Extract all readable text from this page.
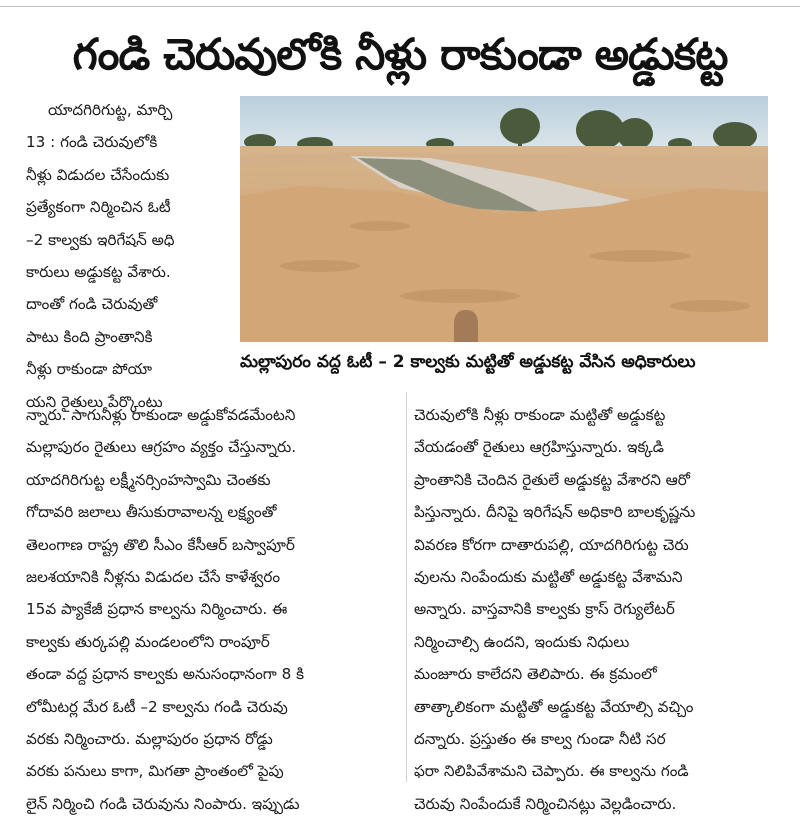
గండి చెరువులోకి నీళ్లు రాకుండా అడ్డుకట్ట
మల్లాపురం వద్ద ఓటీ – 2 కాల్వకు మట్టితో అడ్డుకట్ట వేసిన అధికారులు

యాదగిరిగుట్ట, మార్చి

13 : గండి చెరువులోకి

నీళ్లు విడుదల చేసేందుకు

ప్రత్యేకంగా నిర్మించిన ఓటీ

–2 కాల్వకు ఇరిగేషన్ అధి

కారులు అడ్డుకట్ట వేశారు.

దాంతో గండి చెరువుతో

పాటు కింది ప్రాంతానికి

నీళ్లు రాకుండా పోయా

యని రైతులు పేర్కొంటు

న్నారు. సాగునీళ్లు రాకుండా అడ్డుకోవడమేంటని

మల్లాపురం రైతులు ఆగ్రహం వ్యక్తం చేస్తున్నారు.

యాదగిరిగుట్ట లక్ష్మీనర్సింహస్వామి చెంతకు

గోదావరి జలాలు తీసుకురావాలన్న లక్ష్యంతో

తెలంగాణ రాష్ట్ర తొలి సీఎం కేసీఆర్ బస్వాపూర్

జలశయానికి నీళ్లను విడుదల చేసే కాళేశ్వరం

15వ ప్యాకేజీ ప్రధాన కాల్వను నిర్మించారు. ఈ

కాల్వకు తుర్కపల్లి మండలంలోని రాంపూర్

తండా వద్ద ప్రధాన కాల్వకు అనుసంధానంగా 8 కి

లోమీటర్ల మేర ఓటీ –2 కాల్వను గండి చెరువు

వరకు నిర్మించారు. మల్లాపురం ప్రధాన రోడ్డు

వరకు పనులు కాగా, మిగతా ప్రాంతంలో పైపు

లైన్ నిర్మించి గండి చెరువును నింపారు. ఇప్పుడు

చెరువులోకి నీళ్లు రాకుండా మట్టితో అడ్డుకట్ట

వేయడంతో రైతులు ఆగ్రహిస్తున్నారు. ఇక్కడి

ప్రాంతానికి చెందిన రైతులే అడ్డుకట్ట వేశారని ఆరో

పిస్తున్నారు. దీనిపై ఇరిగేషన్ అధికారి బాలకృష్ణను

వివరణ కోరగా దాతారుపల్లి, యాదగిరిగుట్ట చెరు

వులను నింపేందుకు మట్టితో అడ్డుకట్ట వేశామని

అన్నారు. వాస్తవానికి కాల్వకు క్రాస్ రెగ్యులేటర్

నిర్మించాల్సి ఉందని, ఇందుకు నిధులు

మంజూరు కాలేదని తెలిపారు. ఈ క్రమంలో

తాత్కాలికంగా మట్టితో అడ్డుకట్ట వేయాల్సి వచ్చిం

దన్నారు. ప్రస్తుతం ఈ కాల్వ గుండా నీటి సర

ఫరా నిలిపివేశామని చెప్పారు. ఈ కాల్వను గండి

చెరువు నింపేందుకే నిర్మించినట్లు వెల్లడించారు.
